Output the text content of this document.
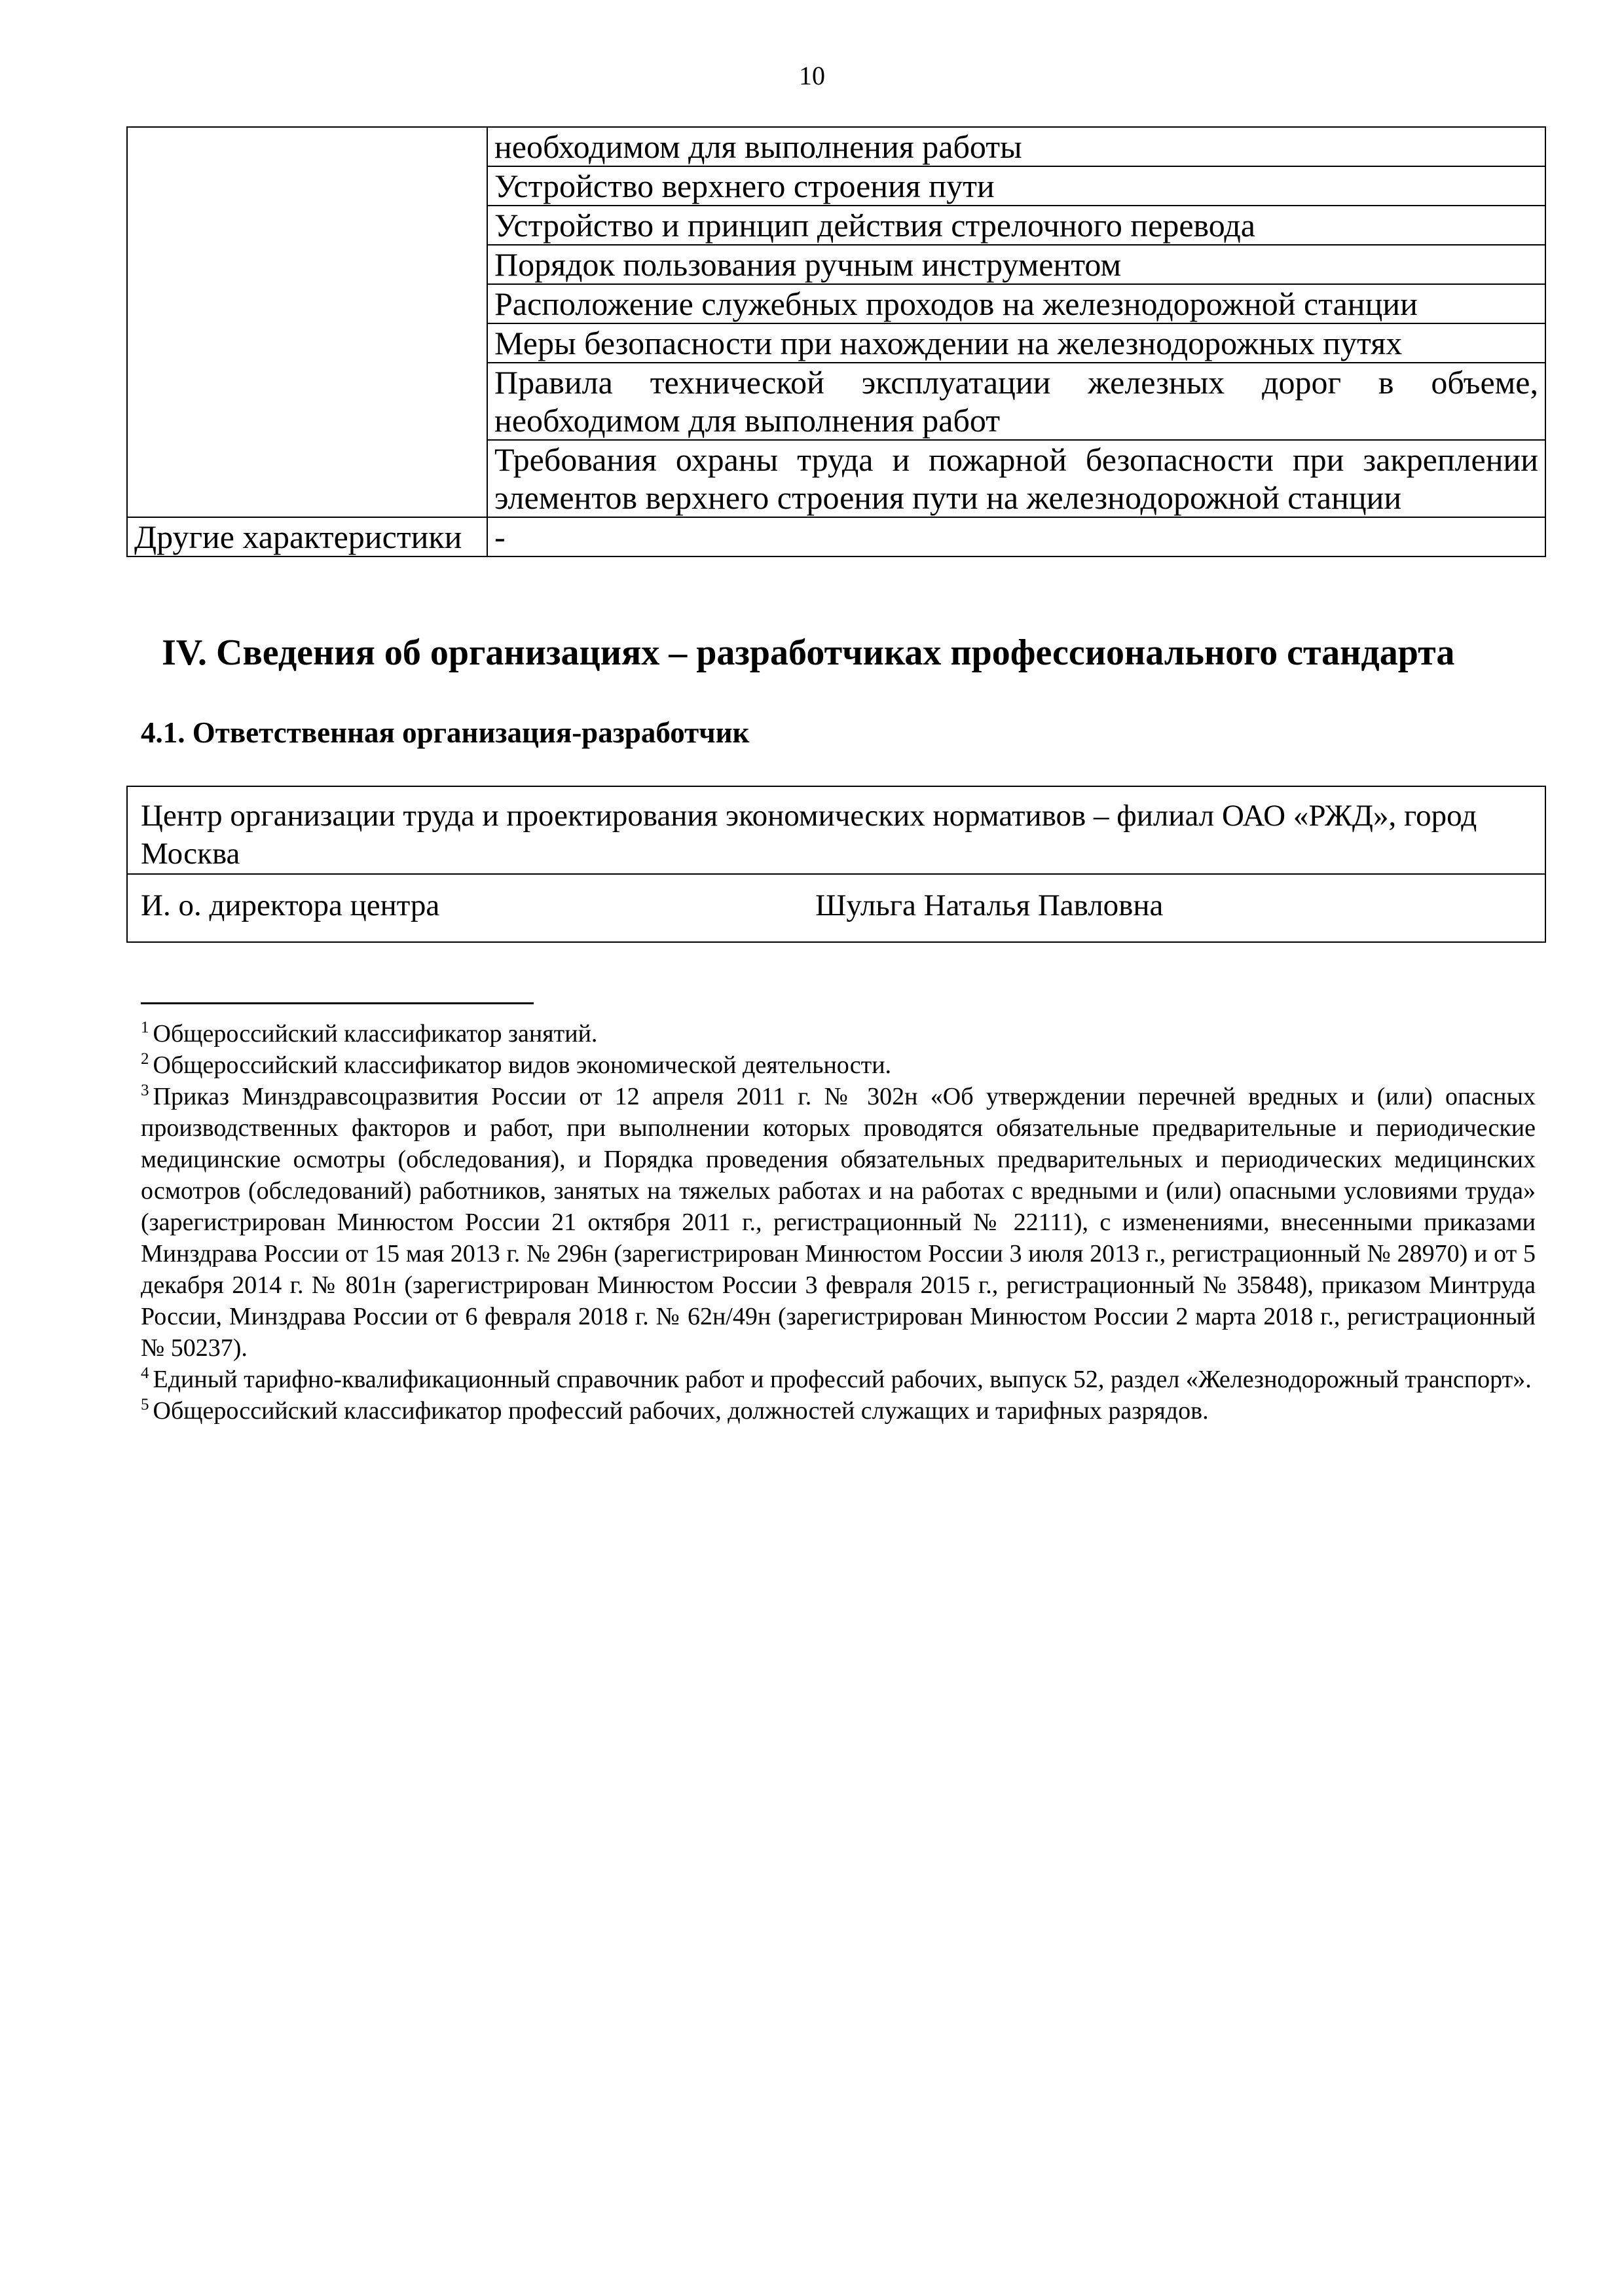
10
	необходимом для выполнения работы
	Устройство верхнего строения пути
	Устройство и принцип действия стрелочного перевода
	Порядок пользования ручным инструментом
	Расположение служебных проходов на железнодорожной станции
	Меры безопасности при нахождении на железнодорожных путях
	Правила технической эксплуатации железных дорог в объеме, необходимом для выполнения работ
	Требования охраны труда и пожарной безопасности при закреплении элементов верхнего строения пути на железнодорожной станции
Другие характеристики	-
IV. Сведения об организациях – разработчиках профессионального стандарта
4.1. Ответственная организация-разработчик
Центр организации труда и проектирования экономических нормативов – филиал ОАО «РЖД», город Москва
И. о. директора центра	Шульга Наталья Павловна

$^1$ Общероссийский классификатор занятий.

$^2$ Общероссийский классификатор видов экономической деятельности.

$^3$ Приказ Минздравсоцразвития России от 12 апреля 2011 г. № 302н «Об утверждении перечней вредных и (или) опасных производственных факторов и работ, при выполнении которых проводятся обязательные предварительные и периодические медицинские осмотры (обследования), и Порядка проведения обязательных предварительных и периодических медицинских осмотров (обследований) работников, занятых на тяжелых работах и на работах с вредными и (или) опасными условиями труда» (зарегистрирован Минюстом России 21 октября 2011 г., регистрационный № 22111), с изменениями, внесенными приказами Минздрава России от 15 мая 2013 г. № 296н (зарегистрирован Минюстом России 3 июля 2013 г., регистрационный № 28970) и от 5 декабря 2014 г. № 801н (зарегистрирован Минюстом России 3 февраля 2015 г., регистрационный № 35848), приказом Минтруда России, Минздрава России от 6 февраля 2018 г. № 62н/49н (зарегистрирован Минюстом России 2 марта 2018 г., регистрационный № 50237).

$^4$ Единый тарифно-квалификационный справочник работ и профессий рабочих, выпуск 52, раздел «Железнодорожный транспорт».

$^5$ Общероссийский классификатор профессий рабочих, должностей служащих и тарифных разрядов.
